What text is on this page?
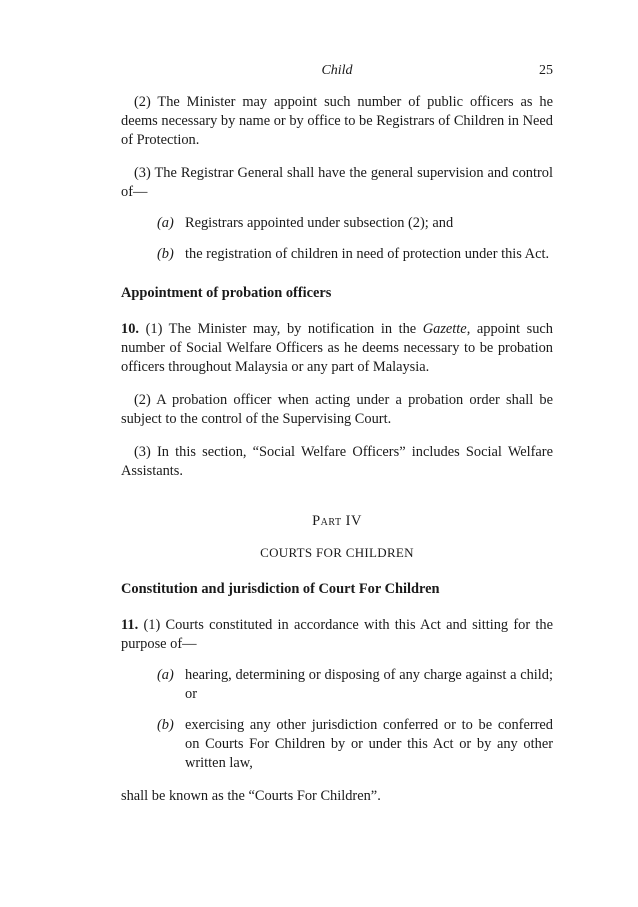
Child	25

(2) The Minister may appoint such number of public officers as he deems necessary by name or by office to be Registrars of Children in Need of Protection.

(3) The Registrar General shall have the general supervision and control of—

(a) Registrars appointed under subsection (2); and
(b) the registration of children in need of protection under this Act.

Appointment of probation officers

10. (1) The Minister may, by notification in the Gazette, appoint such number of Social Welfare Officers as he deems necessary to be probation officers throughout Malaysia or any part of Malaysia.

(2) A probation officer when acting under a probation order shall be subject to the control of the Supervising Court.

(3) In this section, “Social Welfare Officers” includes Social Welfare Assistants.

Part IV

COURTS FOR CHILDREN

Constitution and jurisdiction of Court For Children

11. (1) Courts constituted in accordance with this Act and sitting for the purpose of—

(a) hearing, determining or disposing of any charge against a child; or
(b) exercising any other jurisdiction conferred or to be conferred on Courts For Children by or under this Act or by any other written law,

shall be known as the “Courts For Children”.
